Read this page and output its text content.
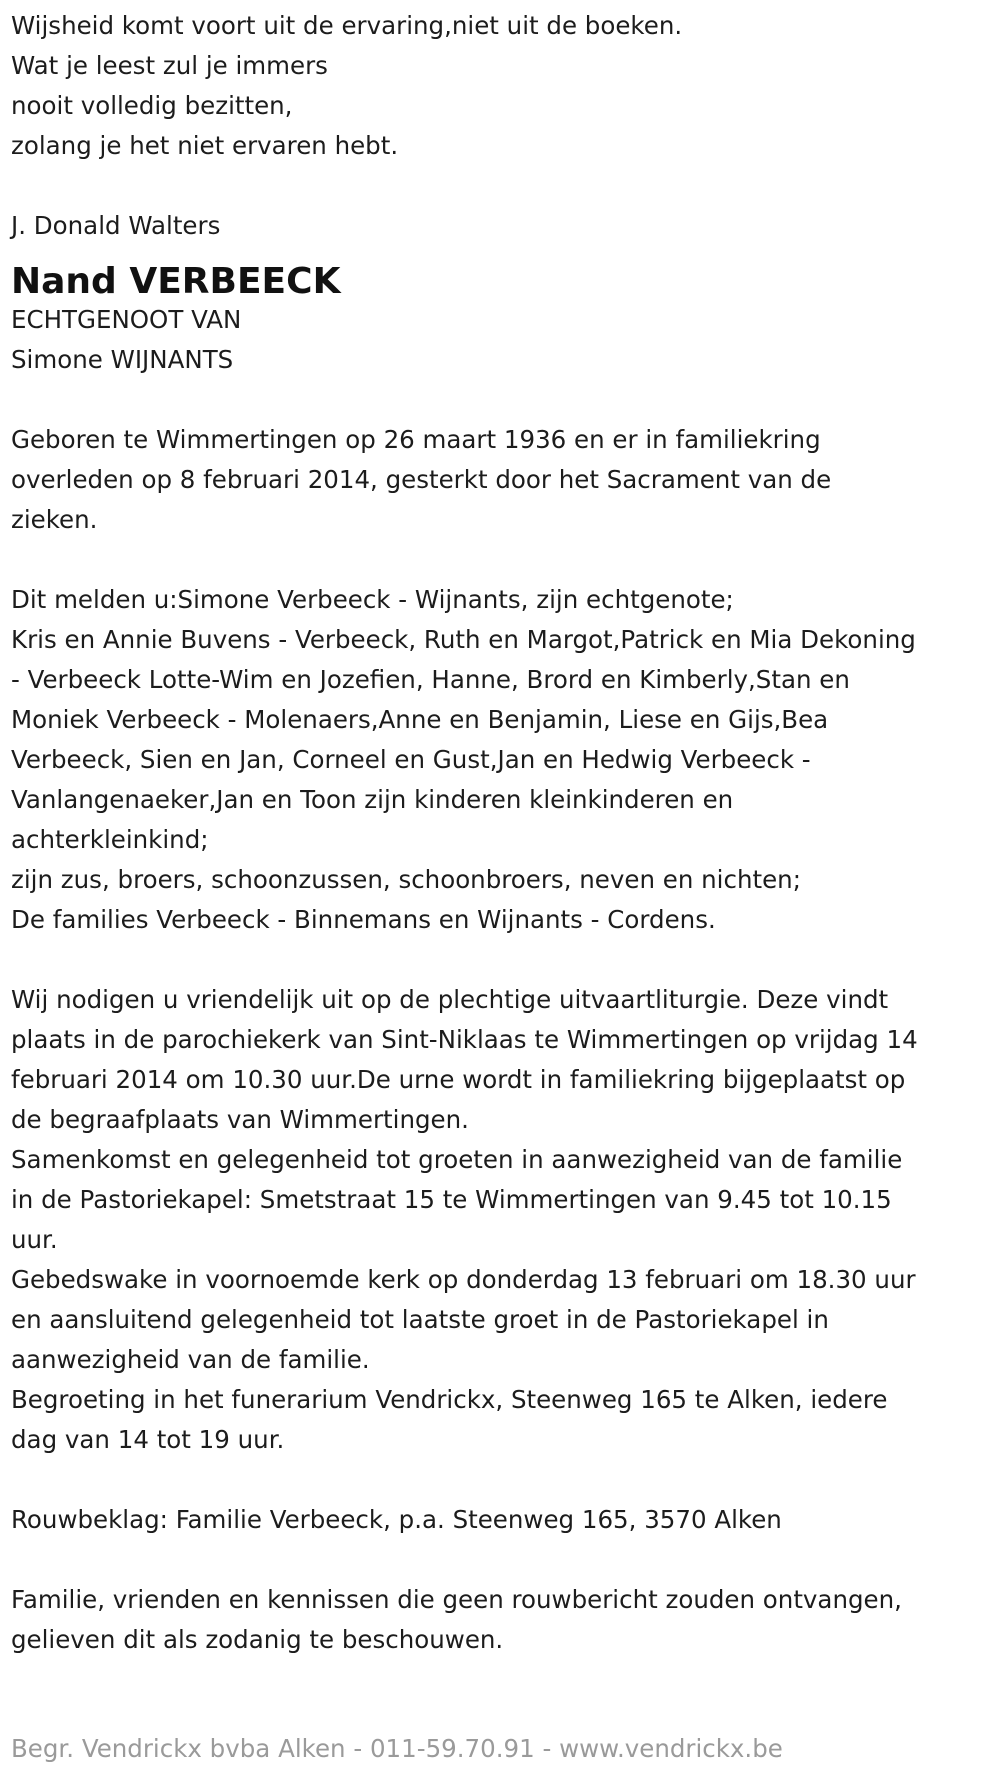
Wijsheid komt voort uit de ervaring,niet uit de boeken.
Wat je leest zul je immers
nooit volledig bezitten,
zolang je het niet ervaren hebt.
J. Donald Walters
Nand VERBEECK
ECHTGENOOT VAN
Simone WIJNANTS
Geboren te Wimmertingen op 26 maart 1936 en er in familiekring
overleden op 8 februari 2014, gesterkt door het Sacrament van de
zieken.
Dit melden u:Simone Verbeeck - Wijnants, zijn echtgenote;
Kris en Annie Buvens - Verbeeck, Ruth en Margot,Patrick en Mia Dekoning
- Verbeeck Lotte-Wim en Jozefien, Hanne, Brord en Kimberly,Stan en
Moniek Verbeeck - Molenaers,Anne en Benjamin, Liese en Gijs,Bea
Verbeeck, Sien en Jan, Corneel en Gust,Jan en Hedwig Verbeeck -
Vanlangenaeker,Jan en Toon zijn kinderen kleinkinderen en
achterkleinkind;
zijn zus, broers, schoonzussen, schoonbroers, neven en nichten;
De families Verbeeck - Binnemans en Wijnants - Cordens.
Wij nodigen u vriendelijk uit op de plechtige uitvaartliturgie. Deze vindt
plaats in de parochiekerk van Sint-Niklaas te Wimmertingen op vrijdag 14
februari 2014 om 10.30 uur.De urne wordt in familiekring bijgeplaatst op
de begraafplaats van Wimmertingen.
Samenkomst en gelegenheid tot groeten in aanwezigheid van de familie
in de Pastoriekapel: Smetstraat 15 te Wimmertingen van 9.45 tot 10.15
uur.
Gebedswake in voornoemde kerk op donderdag 13 februari om 18.30 uur
en aansluitend gelegenheid tot laatste groet in de Pastoriekapel in
aanwezigheid van de familie.
Begroeting in het funerarium Vendrickx, Steenweg 165 te Alken, iedere
dag van 14 tot 19 uur.
Rouwbeklag: Familie Verbeeck, p.a. Steenweg 165, 3570 Alken
Familie, vrienden en kennissen die geen rouwbericht zouden ontvangen,
gelieven dit als zodanig te beschouwen.
Begr. Vendrickx bvba Alken - 011-59.70.91 - www.vendrickx.be
